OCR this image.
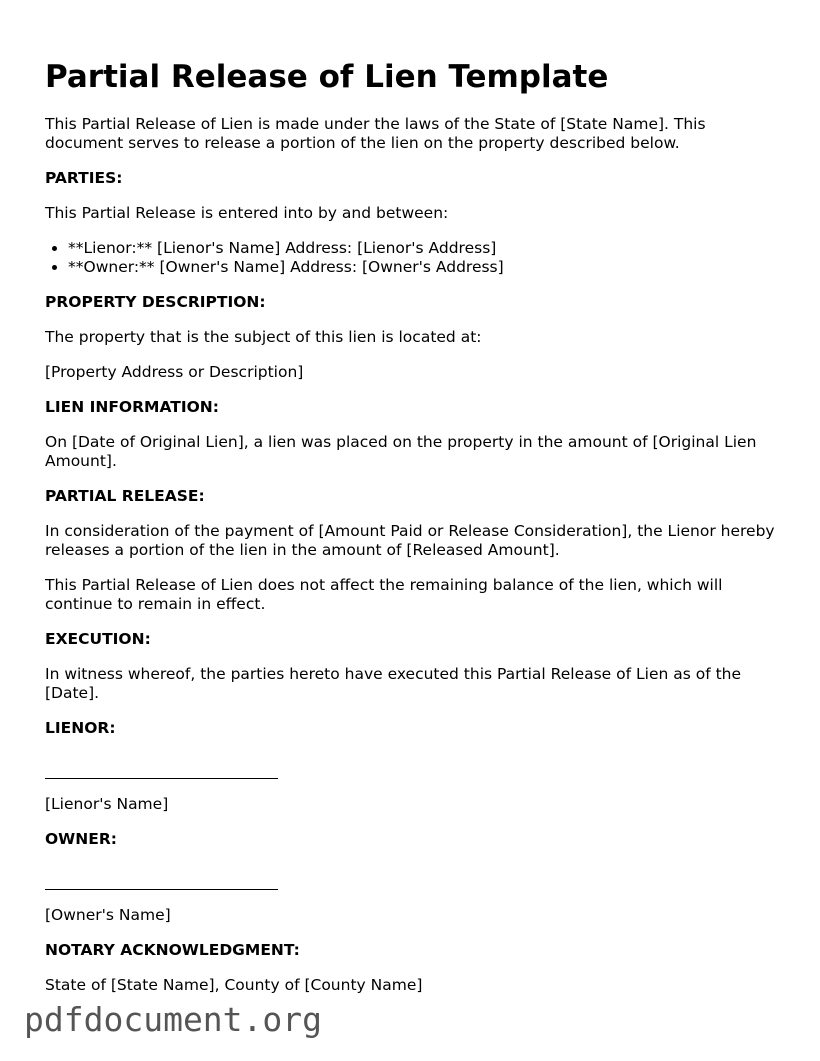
Partial Release of Lien Template

This Partial Release of Lien is made under the laws of the State of [State Name]. This document serves to release a portion of the lien on the property described below.

PARTIES:

This Partial Release is entered into by and between:

• **Lienor:** [Lienor's Name] Address: [Lienor's Address]
• **Owner:** [Owner's Name] Address: [Owner's Address]
PROPERTY DESCRIPTION:

The property that is the subject of this lien is located at:

[Property Address or Description]

LIEN INFORMATION:

On [Date of Original Lien], a lien was placed on the property in the amount of [Original Lien Amount].

PARTIAL RELEASE:

In consideration of the payment of [Amount Paid or Release Consideration], the Lienor hereby releases a portion of the lien in the amount of [Released Amount].

This Partial Release of Lien does not affect the remaining balance of the lien, which will continue to remain in effect.

EXECUTION:

In witness whereof, the parties hereto have executed this Partial Release of Lien as of the [Date].

LIENOR:

[Lienor's Name]

OWNER:

[Owner's Name]

NOTARY ACKNOWLEDGMENT:

State of [State Name], County of [County Name]

pdfdocument.org
